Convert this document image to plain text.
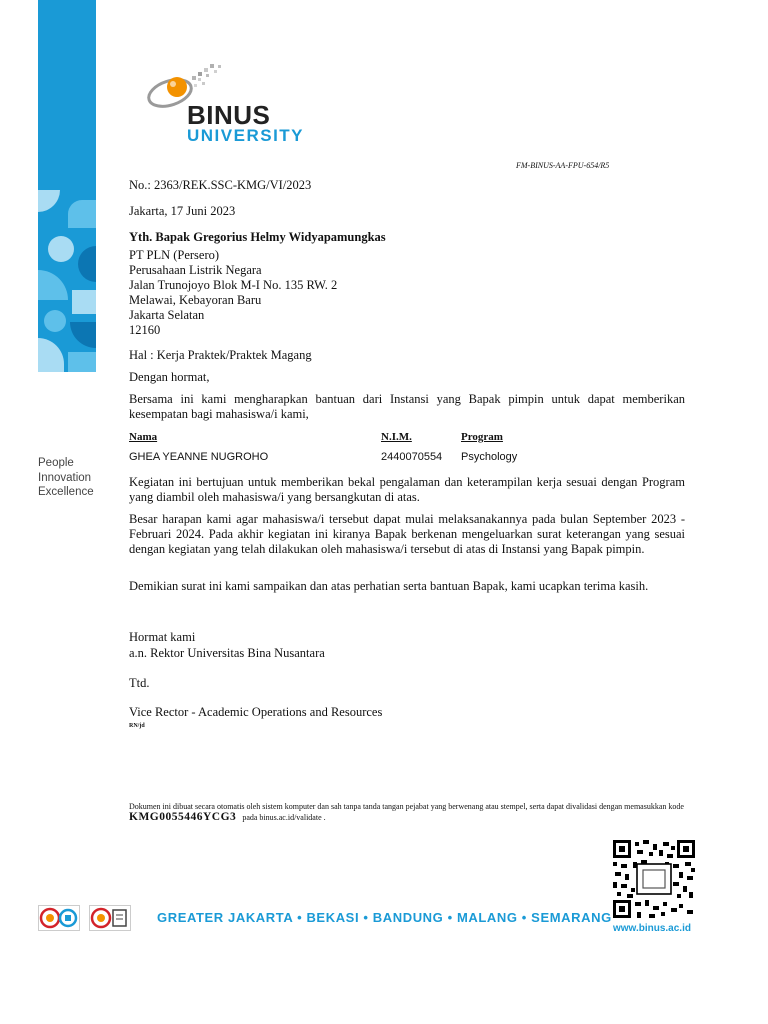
People
Innovation
Excellence
BINUS
UNIVERSITY
FM-BINUS-AA-FPU-654/R5
No.: 2363/REK.SSC-KMG/VI/2023
Jakarta, 17 Juni 2023
Yth. Bapak Gregorius Helmy Widyapamungkas
PT PLN (Persero)
Perusahaan Listrik Negara
Jalan Trunojoyo Blok M-I No. 135 RW. 2
Melawai, Kebayoran Baru
Jakarta Selatan
12160
Hal : Kerja Praktek/Praktek Magang
Dengan hormat,
Bersama ini kami mengharapkan bantuan dari Instansi yang Bapak pimpin untuk dapat memberikan kesempatan bagi mahasiswa/i kami,
Nama	N.I.M.	Program
GHEA YEANNE NUGROHO	2440070554 Psychology
Kegiatan ini bertujuan untuk memberikan bekal pengalaman dan keterampilan kerja sesuai dengan Program yang diambil oleh mahasiswa/i yang bersangkutan di atas.
Besar harapan kami agar mahasiswa/i tersebut dapat mulai melaksanakannya pada bulan September 2023 - Februari 2024. Pada akhir kegiatan ini kiranya Bapak berkenan mengeluarkan surat keterangan yang sesuai dengan kegiatan yang telah dilakukan oleh mahasiswa/i tersebut di atas di Instansi yang Bapak pimpin.
Demikian surat ini kami sampaikan dan atas perhatian serta bantuan Bapak, kami ucapkan terima kasih.
Hormat kami
a.n. Rektor Universitas Bina Nusantara
Ttd.
Vice Rector - Academic Operations and Resources
RN/jd
Dokumen ini dibuat secara otomatis oleh sistem komputer dan sah tanpa tanda tangan pejabat yang berwenang atau stempel, serta dapat divalidasi dengan memasukkan kode KMG0055446YCG3 pada binus.ac.id/validate .
GREATER JAKARTA • BEKASI • BANDUNG • MALANG • SEMARANG
www.binus.ac.id
